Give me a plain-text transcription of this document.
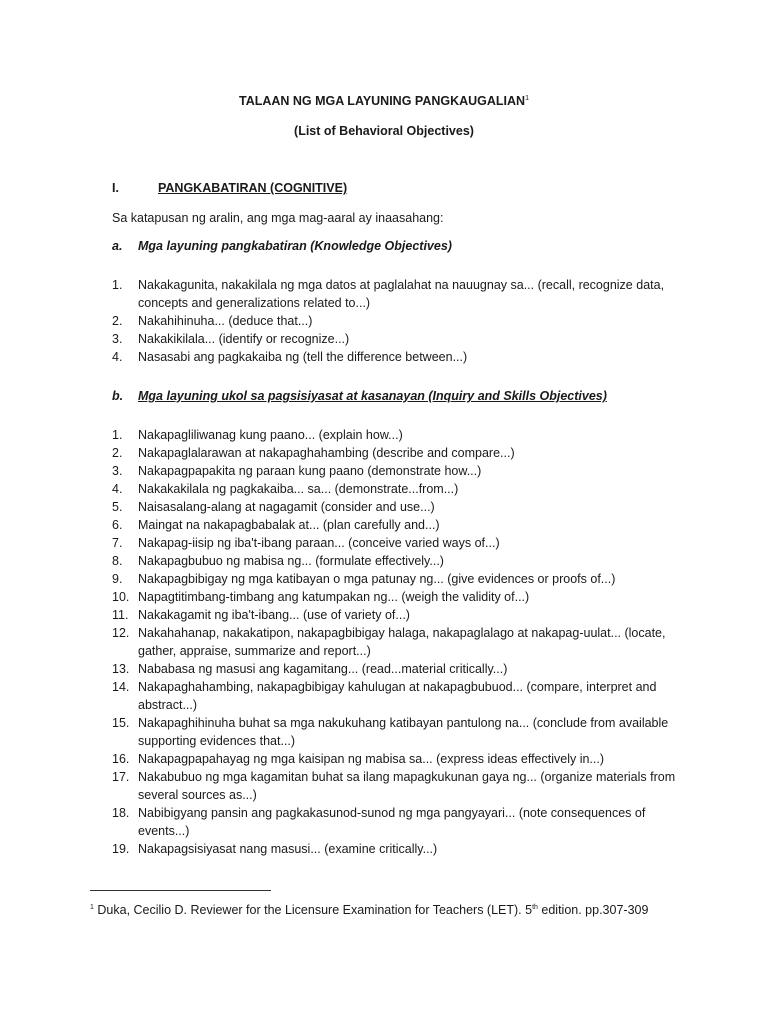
TALAAN NG MGA LAYUNING PANGKAUGALIAN$^1$
(List of Behavioral Objectives)
I.	PANGKABATIRAN (COGNITIVE)
Sa katapusan ng aralin, ang mga mag-aaral ay inaasahang:
a. Mga layuning pangkabatiran (Knowledge Objectives)
1. Nakakagunita, nakakilala ng mga datos at paglalahat na nauugnay sa... (recall, recognize data, concepts and generalizations related to...)
2. Nakahihinuha... (deduce that...)
3. Nakakikilala... (identify or recognize...)
4. Nasasabi ang pagkakaiba ng (tell the difference between...)
b. Mga layuning ukol sa pagsisiyasat at kasanayan (Inquiry and Skills Objectives)
1. Nakapagliliwanag kung paano... (explain how...)
2. Nakapaglalarawan at nakapaghahambing (describe and compare...)
3. Nakapagpapakita ng paraan kung paano (demonstrate how...)
4. Nakakakilala ng pagkakaiba... sa... (demonstrate...from...)
5. Naisasalang-alang at nagagamit (consider and use...)
6. Maingat na nakapagbabalak at... (plan carefully and...)
7. Nakapag-iisip ng iba't-ibang paraan... (conceive varied ways of...)
8. Nakapagbubuo ng mabisa ng... (formulate effectively...)
9. Nakapagbibigay ng mga katibayan o mga patunay ng... (give evidences or proofs of...)
10. Napagtitimbang-timbang ang katumpakan ng... (weigh the validity of...)
11. Nakakagamit ng iba't-ibang... (use of variety of...)
12. Nakahahanap, nakakatipon, nakapagbibigay halaga, nakapaglalago at nakapag-uulat... (locate, gather, appraise, summarize and report...)
13. Nababasa ng masusi ang kagamitang... (read...material critically...)
14. Nakapaghahambing, nakapagbibigay kahulugan at nakapagbubuod... (compare, interpret and abstract...)
15. Nakapaghihinuha buhat sa mga nakukuhang katibayan pantulong na... (conclude from available supporting evidences that...)
16. Nakapagpapahayag ng mga kaisipan ng mabisa sa... (express ideas effectively in...)
17. Nakabubuo ng mga kagamitan buhat sa ilang mapagkukunan gaya ng... (organize materials from several sources as...)
18. Nabibigyang pansin ang pagkakasunod-sunod ng mga pangyayari... (note consequences of events...)
19. Nakapagsisiyasat nang masusi... (examine critically...)
$^1$ Duka, Cecilio D. Reviewer for the Licensure Examination for Teachers (LET). 5th edition. pp.307-309
